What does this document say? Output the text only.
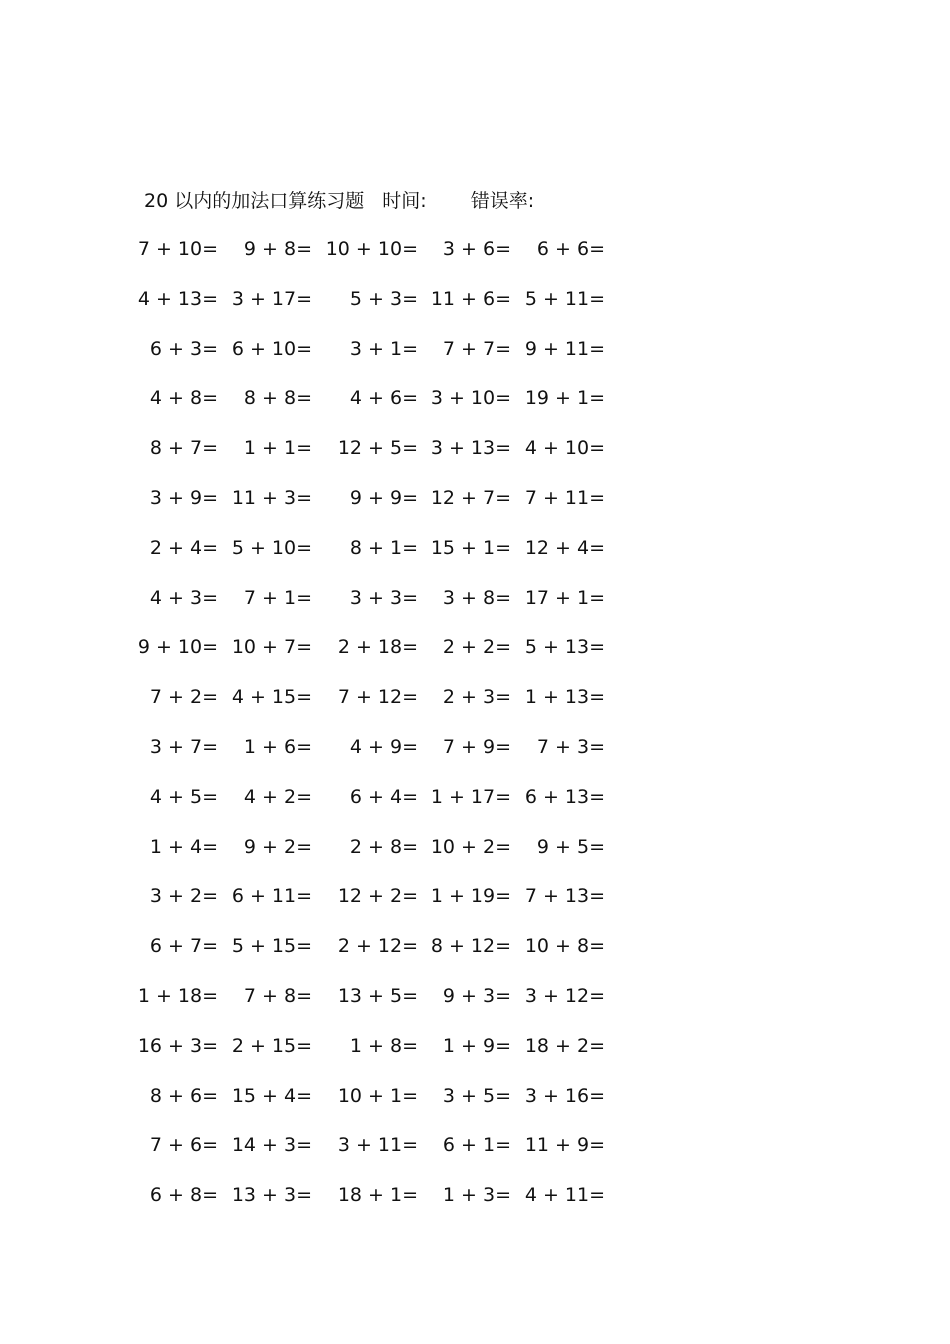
20 以内的加法口算练习题 时间: 错误率:
7 + 10=	9 + 8= 10 + 10=	3 + 6=	6 + 6=
4 + 13= 3 + 17=	5 + 3= 11 + 6= 5 + 11=
6 + 3= 6 + 10=	3 + 1=	7 + 7= 9 + 11=
4 + 8=	8 + 8=	4 + 6= 3 + 10= 19 + 1=
8 + 7=	1 + 1=	12 + 5= 3 + 13= 4 + 10=
3 + 9= 11 + 3=	9 + 9= 12 + 7= 7 + 11=
2 + 4= 5 + 10=	8 + 1= 15 + 1= 12 + 4=
4 + 3=	7 + 1=	3 + 3=	3 + 8= 17 + 1=
9 + 10= 10 + 7=	2 + 18=	2 + 2= 5 + 13=
7 + 2= 4 + 15=	7 + 12=	2 + 3= 1 + 13=
3 + 7=	1 + 6=	4 + 9=	7 + 9=	7 + 3=
4 + 5=	4 + 2=	6 + 4= 1 + 17= 6 + 13=
1 + 4=	9 + 2=	2 + 8= 10 + 2=	9 + 5=
3 + 2= 6 + 11=	12 + 2= 1 + 19= 7 + 13=
6 + 7= 5 + 15=	2 + 12= 8 + 12= 10 + 8=
1 + 18=	7 + 8=	13 + 5=	9 + 3= 3 + 12=
16 + 3= 2 + 15=	1 + 8=	1 + 9= 18 + 2=
8 + 6= 15 + 4=	10 + 1=	3 + 5= 3 + 16=
7 + 6= 14 + 3=	3 + 11=	6 + 1= 11 + 9=
6 + 8= 13 + 3=	18 + 1=	1 + 3= 4 + 11=
